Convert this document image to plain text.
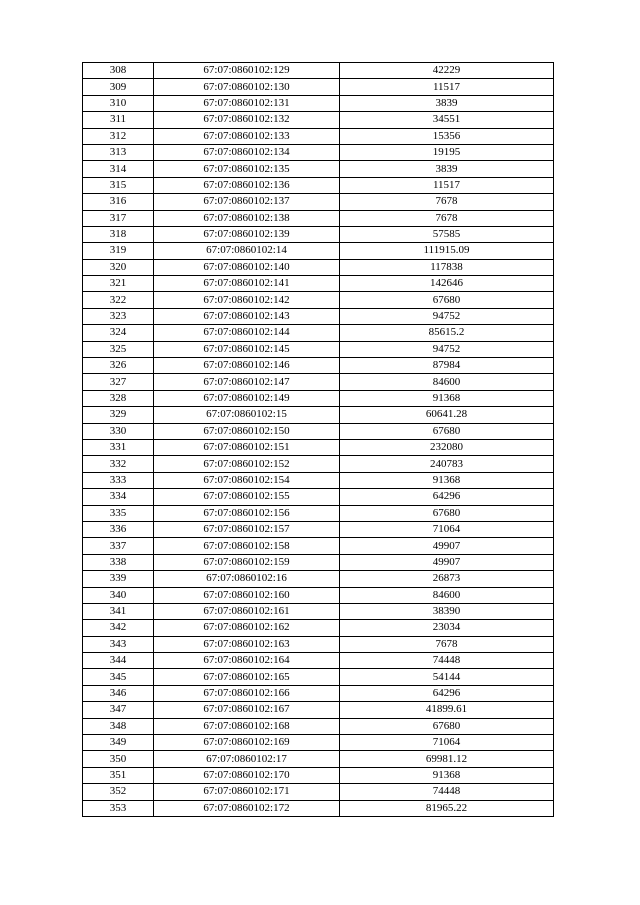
308	67:07:0860102:129	42229
309	67:07:0860102:130	11517
310	67:07:0860102:131	3839
311	67:07:0860102:132	34551
312	67:07:0860102:133	15356
313	67:07:0860102:134	19195
314	67:07:0860102:135	3839
315	67:07:0860102:136	11517
316	67:07:0860102:137	7678
317	67:07:0860102:138	7678
318	67:07:0860102:139	57585
319	67:07:0860102:14	111915.09
320	67:07:0860102:140	117838
321	67:07:0860102:141	142646
322	67:07:0860102:142	67680
323	67:07:0860102:143	94752
324	67:07:0860102:144	85615.2
325	67:07:0860102:145	94752
326	67:07:0860102:146	87984
327	67:07:0860102:147	84600
328	67:07:0860102:149	91368
329	67:07:0860102:15	60641.28
330	67:07:0860102:150	67680
331	67:07:0860102:151	232080
332	67:07:0860102:152	240783
333	67:07:0860102:154	91368
334	67:07:0860102:155	64296
335	67:07:0860102:156	67680
336	67:07:0860102:157	71064
337	67:07:0860102:158	49907
338	67:07:0860102:159	49907
339	67:07:0860102:16	26873
340	67:07:0860102:160	84600
341	67:07:0860102:161	38390
342	67:07:0860102:162	23034
343	67:07:0860102:163	7678
344	67:07:0860102:164	74448
345	67:07:0860102:165	54144
346	67:07:0860102:166	64296
347	67:07:0860102:167	41899.61
348	67:07:0860102:168	67680
349	67:07:0860102:169	71064
350	67:07:0860102:17	69981.12
351	67:07:0860102:170	91368
352	67:07:0860102:171	74448
353	67:07:0860102:172	81965.22
